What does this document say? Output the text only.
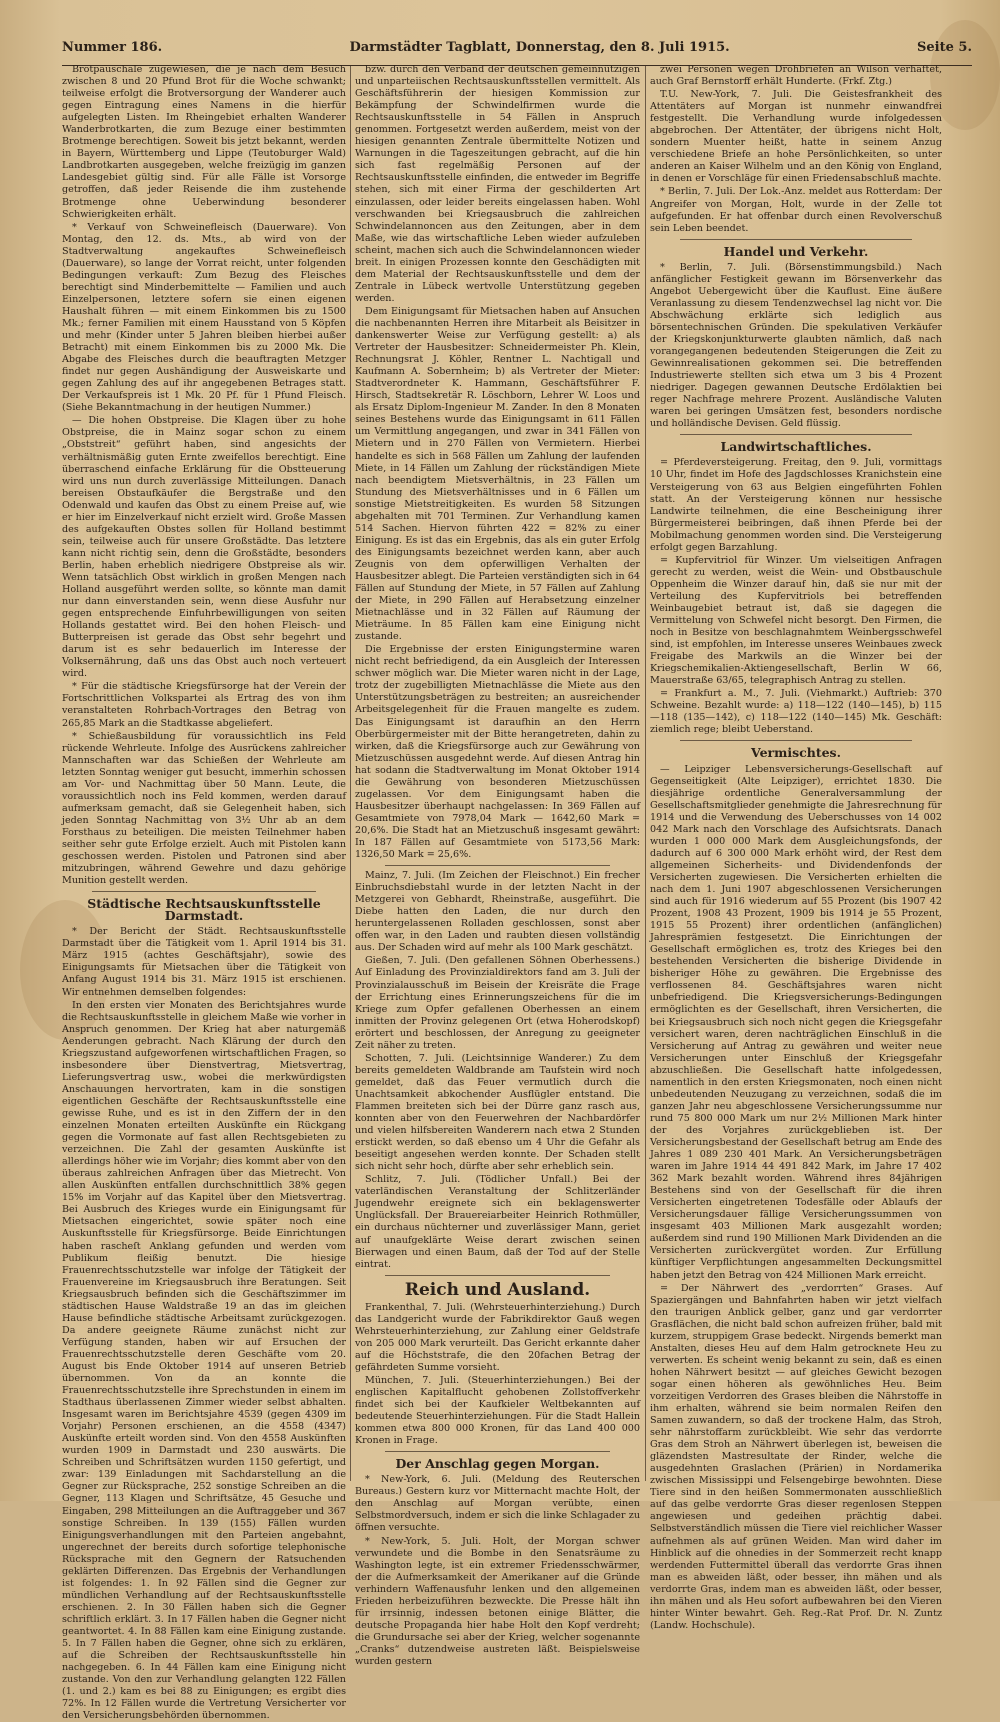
Nummer 186.	Darmstädter Tagblatt, Donnerstag, den 8. Juli 1915.	Seite 5.

Brotpauschale zugewiesen, die je nach dem Besuch zwischen 8 und 20 Pfund Brot für die Woche schwankt; teilweise erfolgt die Brotversorgung der Wanderer auch gegen Eintragung eines Namens in die hierfür aufgelegten Listen. Im Rheingebiet erhalten Wanderer Wanderbrotkarten, die zum Bezuge einer bestimmten Brotmenge berechtigen. Soweit bis jetzt bekannt, werden in Bayern, Württemberg und Lippe (Teutoburger Wald) Landbrotkarten ausgegeben, welche freizügig im ganzen Landesgebiet gültig sind. Für alle Fälle ist Vorsorge getroffen, daß jeder Reisende die ihm zustehende Brotmenge ohne Ueberwindung besonderer Schwierigkeiten erhält.

* Verkauf von Schweinefleisch (Dauerware). Von Montag, den 12. ds. Mts., ab wird von der Stadtverwaltung angekauftes Schweinefleisch (Dauerware), so lange der Vorrat reicht, unter folgenden Bedingungen verkauft: Zum Bezug des Fleisches berechtigt sind Minderbemittelte — Familien und auch Einzelpersonen, letztere sofern sie einen eigenen Haushalt führen — mit einem Einkommen bis zu 1500 Mk.; ferner Familien mit einem Hausstand von 5 Köpfen und mehr (Kinder unter 5 Jahren bleiben hierbei außer Betracht) mit einem Einkommen bis zu 2000 Mk. Die Abgabe des Fleisches durch die beauftragten Metzger findet nur gegen Aushändigung der Ausweiskarte und gegen Zahlung des auf ihr angegebenen Betrages statt. Der Verkaufspreis ist 1 Mk. 20 Pf. für 1 Pfund Fleisch. (Siehe Bekanntmachung in der heutigen Nummer.)

— Die hohen Obstpreise. Die Klagen über zu hohe Obstpreise, die in Mainz sogar schon zu einem „Obststreit“ geführt haben, sind angesichts der verhältnismäßig guten Ernte zweifellos berechtigt. Eine überraschend einfache Erklärung für die Obstteuerung wird uns nun durch zuverlässige Mitteilungen. Danach bereisen Obstaufkäufer die Bergstraße und den Odenwald und kaufen das Obst zu einem Preise auf, wie er hier im Einzelverkauf nicht erzielt wird. Große Massen des aufgekauften Obstes sollen für Holland bestimmt sein, teilweise auch für unsere Großstädte. Das letztere kann nicht richtig sein, denn die Großstädte, besonders Berlin, haben erheblich niedrigere Obstpreise als wir. Wenn tatsächlich Obst wirklich in großen Mengen nach Holland ausgeführt werden sollte, so könnte man damit nur dann einverstanden sein, wenn diese Ausfuhr nur gegen entsprechende Einfuhrbewilligungen von seiten Hollands gestattet wird. Bei den hohen Fleisch- und Butterpreisen ist gerade das Obst sehr begehrt und darum ist es sehr bedauerlich im Interesse der Volksernährung, daß uns das Obst auch noch verteuert wird.

* Für die städtische Kriegsfürsorge hat der Verein der Fortschrittlichen Volkspartei als Ertrag des von ihm veranstalteten Rohrbach-Vortrages den Betrag von 265,85 Mark an die Stadtkasse abgeliefert.

* Schießausbildung für voraussichtlich ins Feld rückende Wehrleute. Infolge des Ausrückens zahlreicher Mannschaften war das Schießen der Wehrleute am letzten Sonntag weniger gut besucht, immerhin schossen am Vor- und Nachmittag über 50 Mann. Leute, die voraussichtlich noch ins Feld kommen, werden darauf aufmerksam gemacht, daß sie Gelegenheit haben, sich jeden Sonntag Nachmittag von 3½ Uhr ab an dem Forsthaus zu beteiligen. Die meisten Teilnehmer haben seither sehr gute Erfolge erzielt. Auch mit Pistolen kann geschossen werden. Pistolen und Patronen sind aber mitzubringen, während Gewehre und dazu gehörige Munition gestellt werden.

Städtische Rechtsauskunftsstelle Darmstadt.

* Der Bericht der Städt. Rechtsauskunftsstelle Darmstadt über die Tätigkeit vom 1. April 1914 bis 31. März 1915 (achtes Geschäftsjahr), sowie des Einigungsamts für Mietsachen über die Tätigkeit von Anfang August 1914 bis 31. März 1915 ist erschienen. Wir entnehmen demselben folgendes:

In den ersten vier Monaten des Berichtsjahres wurde die Rechtsauskunftsstelle in gleichem Maße wie vorher in Anspruch genommen. Der Krieg hat aber naturgemäß Aenderungen gebracht. Nach Klärung der durch den Kriegszustand aufgeworfenen wirtschaftlichen Fragen, so insbesondere über Dienstvertrag, Mietsvertrag, Lieferungsvertrag usw., wobei die merkwürdigsten Anschauungen hervortraten, kam in die sonstigen eigentlichen Geschäfte der Rechtsauskunftsstelle eine gewisse Ruhe, und es ist in den Ziffern der in den einzelnen Monaten erteilten Auskünfte ein Rückgang gegen die Vormonate auf fast allen Rechtsgebieten zu verzeichnen. Die Zahl der gesamten Auskünfte ist allerdings höher wie im Vorjahr; dies kommt aber von den überaus zahlreichen Anfragen über das Mietrecht. Von allen Auskünften entfallen durchschnittlich 38% gegen 15% im Vorjahr auf das Kapitel über den Mietsvertrag. Bei Ausbruch des Krieges wurde ein Einigungsamt für Mietsachen eingerichtet, sowie später noch eine Auskunftsstelle für Kriegsfürsorge. Beide Einrichtungen haben rascheſt Anklang gefunden und werden vom Publikum fleißig benutzt. Die hiesige Frauenrechtsschutzstelle war infolge der Tätigkeit der Frauenvereine im Kriegsausbruch ihre Beratungen. Seit Kriegsausbruch befinden sich die Geschäftszimmer im städtischen Hause Waldstraße 19 an das im gleichen Hause befindliche städtische Arbeitsamt zurückgezogen. Da andere geeignete Räume zunächst nicht zur Verfügung standen, haben wir auf Ersuchen der Frauenrechtsschutzstelle deren Geschäfte vom 20. August bis Ende Oktober 1914 auf unseren Betrieb übernommen. Von da an konnte die Frauenrechtsschutzstelle ihre Sprechstunden in einem im Stadthaus überlassenen Zimmer wieder selbst abhalten. Insgesamt waren im Berichtsjahre 4539 (gegen 4309 im Vorjahr) Personen erschienen, an die 4558 (4347) Auskünfte erteilt worden sind. Von den 4558 Auskünften wurden 1909 in Darmstadt und 230 auswärts. Die Schreiben und Schriftsätzen wurden 1150 gefertigt, und zwar: 139 Einladungen mit Sachdarstellung an die Gegner zur Rücksprache, 252 sonstige Schreiben an die Gegner, 113 Klagen und Schriftsätze, 45 Gesuche und Eingaben, 298 Mitteilungen an die Auftraggeber und 367 sonstige Schreiben. In 139 (155) Fällen wurden Einigungsverhandlungen mit den Parteien angebahnt, ungerechnet der bereits durch sofortige telephonische Rücksprache mit den Gegnern der Ratsuchenden geklärten Differenzen. Das Ergebnis der Verhandlungen ist folgendes: 1. In 92 Fällen sind die Gegner zur mündlichen Verhandlung auf der Rechtsauskunftsstelle erschienen. 2. In 30 Fällen haben sich die Gegner schriftlich erklärt. 3. In 17 Fällen haben die Gegner nicht geantwortet. 4. In 88 Fällen kam eine Einigung zustande. 5. In 7 Fällen haben die Gegner, ohne sich zu erklären, auf die Schreiben der Rechtsauskunftsstelle hin nachgegeben. 6. In 44 Fällen kam eine Einigung nicht zustande. Von den zur Verhandlung gelangten 122 Fällen (1. und 2.) kam es bei 88 zu Einigungen; es ergibt dies 72%. In 12 Fällen wurde die Vertretung Versicherter vor den Versicherungsbehörden übernommen.

bzw. durch den Verband der deutschen gemeinnützigen und unparteiischen Rechtsauskunftsstellen vermittelt. Als Geschäftsführerin der hiesigen Kommission zur Bekämpfung der Schwindelfirmen wurde die Rechtsauskunftsstelle in 54 Fällen in Anspruch genommen. Fortgesetzt werden außerdem, meist von der hiesigen genannten Zentrale übermittelte Notizen und Warnungen in die Tageszeitungen gebracht, auf die hin sich fast regelmäßig Personen auf der Rechtsauskunftsstelle einfinden, die entweder im Begriffe stehen, sich mit einer Firma der geschilderten Art einzulassen, oder leider bereits eingelassen haben. Wohl verschwanden bei Kriegsausbruch die zahlreichen Schwindelannoncen aus den Zeitungen, aber in dem Maße, wie das wirtschaftliche Leben wieder aufzuleben scheint, machen sich auch die Schwindelannoncen wieder breit. In einigen Prozessen konnte den Geschädigten mit dem Material der Rechtsauskunftsstelle und dem der Zentrale in Lübeck wertvolle Unterstützung gegeben werden.

Dem Einigungsamt für Mietsachen haben auf Ansuchen die nachbenannten Herren ihre Mitarbeit als Beisitzer in dankenswerter Weise zur Verfügung gestellt: a) als Vertreter der Hausbesitzer: Schneidermeister Ph. Klein, Rechnungsrat J. Köhler, Rentner L. Nachtigall und Kaufmann A. Sobernheim; b) als Vertreter der Mieter: Stadtverordneter K. Hammann, Geschäftsführer F. Hirsch, Stadtsekretär R. Löschborn, Lehrer W. Loos und als Ersatz Diplom-Ingenieur M. Zander. In den 8 Monaten seines Bestehens wurde das Einigungsamt in 611 Fällen um Vermittlung angegangen, und zwar in 341 Fällen von Mietern und in 270 Fällen von Vermietern. Hierbei handelte es sich in 568 Fällen um Zahlung der laufenden Miete, in 14 Fällen um Zahlung der rückständigen Miete nach beendigtem Mietsverhältnis, in 23 Fällen um Stundung des Mietsverhältnisses und in 6 Fällen um sonstige Mietstreitigkeiten. Es wurden 58 Sitzungen abgehalten mit 701 Terminen. Zur Verhandlung kamen 514 Sachen. Hiervon führten 422 = 82% zu einer Einigung. Es ist das ein Ergebnis, das als ein guter Erfolg des Einigungsamts bezeichnet werden kann, aber auch Zeugnis von dem opferwilligen Verhalten der Hausbesitzer ablegt. Die Parteien verständigten sich in 64 Fällen auf Stundung der Miete, in 57 Fällen auf Zahlung der Miete, in 290 Fällen auf Herabsetzung einzelner Mietnachlässe und in 32 Fällen auf Räumung der Mieträume. In 85 Fällen kam eine Einigung nicht zustande.

Die Ergebnisse der ersten Einigungstermine waren nicht recht befriedigend, da ein Ausgleich der Interessen schwer möglich war. Die Mieter waren nicht in der Lage, trotz der zugebilligten Mietnachlässe die Miete aus den Unterstützungsbeträgen zu bestreiten; an ausreichender Arbeitsgelegenheit für die Frauen mangelte es zudem. Das Einigungsamt ist daraufhin an den Herrn Oberbürgermeister mit der Bitte herangetreten, dahin zu wirken, daß die Kriegsfürsorge auch zur Gewährung von Mietzuschüssen ausgedehnt werde. Auf diesen Antrag hin hat sodann die Stadtverwaltung im Monat Oktober 1914 die Gewährung von besonderen Mietzuschüssen zugelassen. Vor dem Einigungsamt haben die Hausbesitzer überhaupt nachgelassen: In 369 Fällen auf Gesamtmiete von 7978,04 Mark — 1642,60 Mark = 20,6%. Die Stadt hat an Mietzuschuß insgesamt gewährt: In 187 Fällen auf Gesamtmiete von 5173,56 Mark: 1326,50 Mark = 25,6%.

Mainz, 7. Juli. (Im Zeichen der Fleischnot.) Ein frecher Einbruchsdiebstahl wurde in der letzten Nacht in der Metzgerei von Gebhardt, Rheinstraße, ausgeführt. Die Diebe hatten den Laden, die nur durch den heruntergelassenen Rolladen geschlossen, sonst aber offen war, in den Laden und raubten diesen vollständig aus. Der Schaden wird auf mehr als 100 Mark geschätzt.

Gießen, 7. Juli. (Den gefallenen Söhnen Oberhessens.) Auf Einladung des Provinzialdirektors fand am 3. Juli der Provinzialausschuß im Beisein der Kreisräte die Frage der Errichtung eines Erinnerungszeichens für die im Kriege zum Opfer gefallenen Oberhessen an einem inmitten der Provinz gelegenen Ort (etwa Hoherodskopf) erörtert und beschlossen, der Anregung zu geeigneter Zeit näher zu treten.

Schotten, 7. Juli. (Leichtsinnige Wanderer.) Zu dem bereits gemeldeten Waldbrande am Taufstein wird noch gemeldet, daß das Feuer vermutlich durch die Unachtsamkeit abkochender Ausflügler entstand. Die Flammen breiteten sich bei der Dürre ganz rasch aus, konnten aber von den Feuerwehren der Nachbardörfer und vielen hilfsbereiten Wanderern nach etwa 2 Stunden erstickt werden, so daß ebenso um 4 Uhr die Gefahr als beseitigt angesehen werden konnte. Der Schaden stellt sich nicht sehr hoch, dürfte aber sehr erheblich sein.

Schlitz, 7. Juli. (Tödlicher Unfall.) Bei der vaterländischen Veranstaltung der Schlitzerländer Jugendwehr ereignete sich ein beklagenswerter Unglücksfall. Der Brauereiarbeiter Heinrich Rothmüller, ein durchaus nüchterner und zuverlässiger Mann, geriet auf unaufgeklärte Weise derart zwischen seinen Bierwagen und einen Baum, daß der Tod auf der Stelle eintrat.

Reich und Ausland.

Frankenthal, 7. Juli. (Wehrsteuerhinterziehung.) Durch das Landgericht wurde der Fabrikdirektor Gauß wegen Wehrsteuerhinterziehung, zur Zahlung einer Geldstrafe von 205 000 Mark verurteilt. Das Gericht erkannte daher auf die Höchststrafe, die den 20fachen Betrag der gefährdeten Summe vorsieht.

München, 7. Juli. (Steuerhinterziehungen.) Bei der englischen Kapitalflucht gehobenen Zollstoffverkehr findet sich bei der Kaufkieler Weltbekannten auf bedeutende Steuerhinterziehungen. Für die Stadt Hallein kommen etwa 800 000 Kronen, für das Land 400 000 Kronen in Frage.

Der Anschlag gegen Morgan.

* New-York, 6. Juli. (Meldung des Reuterschen Bureaus.) Gestern kurz vor Mitternacht machte Holt, der den Anschlag auf Morgan verübte, einen Selbstmordversuch, indem er sich die linke Schlagader zu öffnen versuchte.

* New-York, 5. Juli. Holt, der Morgan schwer verwundete und die Bombe in den Senatsräume zu Washington legte, ist ein extremer Friedensschwärmer, der die Aufmerksamkeit der Amerikaner auf die Gründe verhindern Waffenausfuhr lenken und den allgemeinen Frieden herbeizuführen bezweckte. Die Presse hält ihn für irrsinnig, indessen betonen einige Blätter, die deutsche Propaganda hier habe Holt den Kopf verdreht; die Grundursache sei aber der Krieg, welcher sogenannte „Cranks“ dutzendweise austreten läßt. Beispielsweise wurden gestern

zwei Personen wegen Drohbriefen an Wilson verhaftet, auch Graf Bernstorff erhält Hunderte. (Frkf. Ztg.)

T.U. New-York, 7. Juli. Die Geistesfrankheit des Attentäters auf Morgan ist nunmehr einwandfrei festgestellt. Die Verhandlung wurde infolgedessen abgebrochen. Der Attentäter, der übrigens nicht Holt, sondern Muenter heißt, hatte in seinem Anzug verschiedene Briefe an hohe Persönlichkeiten, so unter anderen an Kaiser Wilhelm und an den König von England, in denen er Vorschläge für einen Friedensabschluß machte.

* Berlin, 7. Juli. Der Lok.-Anz. meldet aus Rotterdam: Der Angreifer von Morgan, Holt, wurde in der Zelle tot aufgefunden. Er hat offenbar durch einen Revolverschuß sein Leben beendet.

Handel und Verkehr.

* Berlin, 7. Juli. (Börsenstimmungsbild.) Nach anfänglicher Festigkeit gewann im Börsenverkehr das Angebot Uebergewicht über die Kauflust. Eine äußere Veranlassung zu diesem Tendenzwechsel lag nicht vor. Die Abschwächung erklärte sich lediglich aus börsentechnischen Gründen. Die spekulativen Verkäufer der Kriegskonjunkturwerte glaubten nämlich, daß nach vorangegangenen bedeutenden Steigerungen die Zeit zu Gewinnrealisationen gekommen sei. Die betreffenden Industriewerte stellten sich etwa um 3 bis 4 Prozent niedriger. Dagegen gewannen Deutsche Erdölaktien bei reger Nachfrage mehrere Prozent. Ausländische Valuten waren bei geringen Umsätzen fest, besonders nordische und holländische Devisen. Geld flüssig.

Landwirtschaftliches.

= Pferdeversteigerung. Freitag, den 9. Juli, vormittags 10 Uhr, findet im Hofe des Jagdschlosses Kranichstein eine Versteigerung von 63 aus Belgien eingeführten Fohlen statt. An der Versteigerung können nur hessische Landwirte teilnehmen, die eine Bescheinigung ihrer Bürgermeisterei beibringen, daß ihnen Pferde bei der Mobilmachung genommen worden sind. Die Versteigerung erfolgt gegen Barzahlung.

= Kupfervitriol für Winzer. Um vielseitigen Anfragen gerecht zu werden, weist die Wein- und Obstbauschule Oppenheim die Winzer darauf hin, daß sie nur mit der Verteilung des Kupfervitriols bei betreffenden Weinbaugebiet betraut ist, daß sie dagegen die Vermittelung von Schwefel nicht besorgt. Den Firmen, die noch in Besitze von beschlagnahmtem Weinbergsschwefel sind, ist empfohlen, im Interesse unseres Weinbaues zweck Freigabe des Markwils an die Winzer bei der Kriegschemikalien-Aktiengesellschaft, Berlin W 66, Mauerstraße 63/65, telegraphisch Antrag zu stellen.

= Frankfurt a. M., 7. Juli. (Viehmarkt.) Auftrieb: 370 Schweine. Bezahlt wurde: a) 118—122 (140—145), b) 115—118 (135—142), c) 118—122 (140—145) Mk. Geschäft: ziemlich rege; bleibt Ueberstand.

Vermischtes.

— Leipziger Lebensversicherungs-Gesellschaft auf Gegenseitigkeit (Alte Leipziger), errichtet 1830. Die diesjährige ordentliche Generalversammlung der Gesellschaftsmitglieder genehmigte die Jahresrechnung für 1914 und die Verwendung des Ueberschusses von 14 002 042 Mark nach den Vorschlage des Aufsichtsrats. Danach wurden 1 000 000 Mark dem Ausgleichungsfonds, der dadurch auf 6 300 000 Mark erhöht wird, der Rest dem allgemeinen Sicherheits- und Dividendenfonds der Versicherten zugewiesen. Die Versicherten erhielten die nach dem 1. Juni 1907 abgeschlossenen Versicherungen sind auch für 1916 wiederum auf 55 Prozent (bis 1907 42 Prozent, 1908 43 Prozent, 1909 bis 1914 je 55 Prozent, 1915 55 Prozent) ihrer ordentlichen (anfänglichen) Jahresprämien festgesetzt. Die Einrichtungen der Gesellschaft ermöglichen es, trotz des Krieges bei den bestehenden Versicherten die bisherige Dividende in bisheriger Höhe zu gewähren. Die Ergebnisse des verflossenen 84. Geschäftsjahres waren nicht unbefriedigend. Die Kriegsversicherungs-Bedingungen ermöglichten es der Gesellschaft, ihren Versicherten, die bei Kriegsausbruch sich noch nicht gegen die Kriegsgefahr versichert waren, deren nachträglichen Einschluß in die Versicherung auf Antrag zu gewähren und weiter neue Versicherungen unter Einschluß der Kriegsgefahr abzuschließen. Die Gesellschaft hatte infolgedessen, namentlich in den ersten Kriegsmonaten, noch einen nicht unbedeutenden Neuzugang zu verzeichnen, sodaß die im ganzen Jahr neu abgeschlossene Versicherungssumme nur rund 75 800 000 Mark um nur 2½ Millionen Mark hinter der des Vorjahres zurückgeblieben ist. Der Versicherungsbestand der Gesellschaft betrug am Ende des Jahres 1 089 230 401 Mark. An Versicherungsbeträgen waren im Jahre 1914 44 491 842 Mark, im Jahre 17 402 362 Mark bezahlt worden. Während ihres 84jährigen Bestehens sind von der Gesellschaft für die ihren Versicherten eingetretenen Todesfälle oder Ablaufs der Versicherungsdauer fällige Versicherungssummen von insgesamt 403 Millionen Mark ausgezahlt worden; außerdem sind rund 190 Millionen Mark Dividenden an die Versicherten zurückvergütet worden. Zur Erfüllung künftiger Verpflichtungen angesammelten Deckungsmittel haben jetzt den Betrag von 424 Millionen Mark erreicht.

= Der Nährwert des „verdorrten“ Grases. Auf Spaziergängen und Bahnfahrten haben wir jetzt vielfach den traurigen Anblick gelber, ganz und gar verdorrter Grasflächen, die nicht bald schon aufreizen früher, bald mit kurzem, struppigem Grase bedeckt. Nirgends bemerkt man Anstalten, dieses Heu auf dem Halm getrocknete Heu zu verwerten. Es scheint wenig bekannt zu sein, daß es einen hohen Nährwert besitzt — auf gleiches Gewicht bezogen sogar einen höheren als gewöhnliches Heu. Beim vorzeitigen Verdorren des Grases bleiben die Nährstoffe in ihm erhalten, während sie beim normalen Reifen den Samen zuwandern, so daß der trockene Halm, das Stroh, sehr nährstoffarm zurückbleibt. Wie sehr das verdorrte Gras dem Stroh an Nährwert überlegen ist, beweisen die gläzendsten Mastresultate der Rinder, welche die ausgedehnten Graslachen (Prärien) in Nordamerika zwischen Mississippi und Felsengebirge bewohnten. Diese Tiere sind in den heißen Sommermonaten ausschließlich auf das gelbe verdorrte Gras dieser regenlosen Steppen angewiesen und gedeihen prächtig dabei. Selbstverständlich müssen die Tiere viel reichlicher Wasser aufnehmen als auf grünen Weiden. Man wird daher im Hinblick auf die ohnedies in der Sommerzeit recht knapp werdenden Futtermittel überall das verdorrte Gras ihnen man es abweiden läßt, oder besser, ihn mähen und als verdorrte Gras, indem man es abweiden läßt, oder besser, ihn mähen und als Heu sofort aufbewahren bei den Vieren hinter Winter bewahrt. Geh. Reg.-Rat Prof. Dr. N. Zuntz (Landw. Hochschule).
